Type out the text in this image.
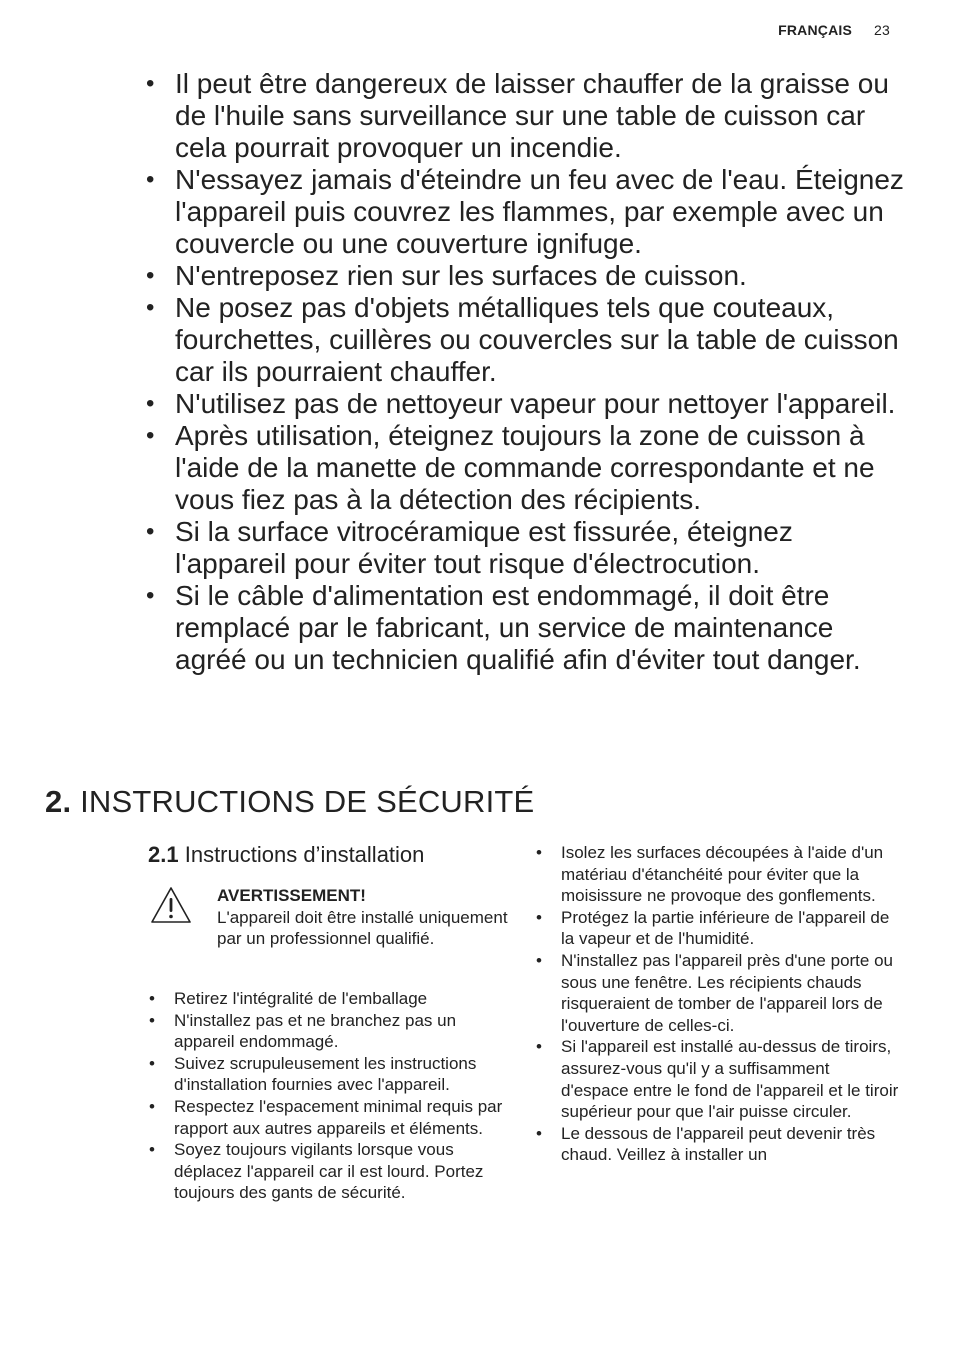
FRANÇAIS 23
• Il peut être dangereux de laisser chauffer de la graisse ou de l'huile sans surveillance sur une table de cuisson car cela pourrait provoquer un incendie.
• N'essayez jamais d'éteindre un feu avec de l'eau. Éteignez l'appareil puis couvrez les flammes, par exemple avec un couvercle ou une couverture ignifuge.
• N'entreposez rien sur les surfaces de cuisson.
• Ne posez pas d'objets métalliques tels que couteaux, fourchettes, cuillères ou couvercles sur la table de cuisson car ils pourraient chauffer.
• N'utilisez pas de nettoyeur vapeur pour nettoyer l'appareil.
• Après utilisation, éteignez toujours la zone de cuisson à l'aide de la manette de commande correspondante et ne vous fiez pas à la détection des récipients.
• Si la surface vitrocéramique est fissurée, éteignez l'appareil pour éviter tout risque d'électrocution.
• Si le câble d'alimentation est endommagé, il doit être remplacé par le fabricant, un service de maintenance agréé ou un technicien qualifié afin d'éviter tout danger.
2. INSTRUCTIONS DE SÉCURITÉ
2.1 Instructions d’installation
AVERTISSEMENT!
L'appareil doit être installé uniquement par un professionnel qualifié.
• Retirez l'intégralité de l'emballage
• N'installez pas et ne branchez pas un appareil endommagé.
• Suivez scrupuleusement les instructions d'installation fournies avec l'appareil.
• Respectez l'espacement minimal requis par rapport aux autres appareils et éléments.
• Soyez toujours vigilants lorsque vous déplacez l'appareil car il est lourd. Portez toujours des gants de sécurité.
• Isolez les surfaces découpées à l'aide d'un matériau d'étanchéité pour éviter que la moisissure ne provoque des gonflements.
• Protégez la partie inférieure de l'appareil de la vapeur et de l'humidité.
• N'installez pas l'appareil près d'une porte ou sous une fenêtre. Les récipients chauds risqueraient de tomber de l'appareil lors de l'ouverture de celles-ci.
• Si l'appareil est installé au-dessus de tiroirs, assurez-vous qu'il y a suffisamment d'espace entre le fond de l'appareil et le tiroir supérieur pour que l'air puisse circuler.
• Le dessous de l'appareil peut devenir très chaud. Veillez à installer un
